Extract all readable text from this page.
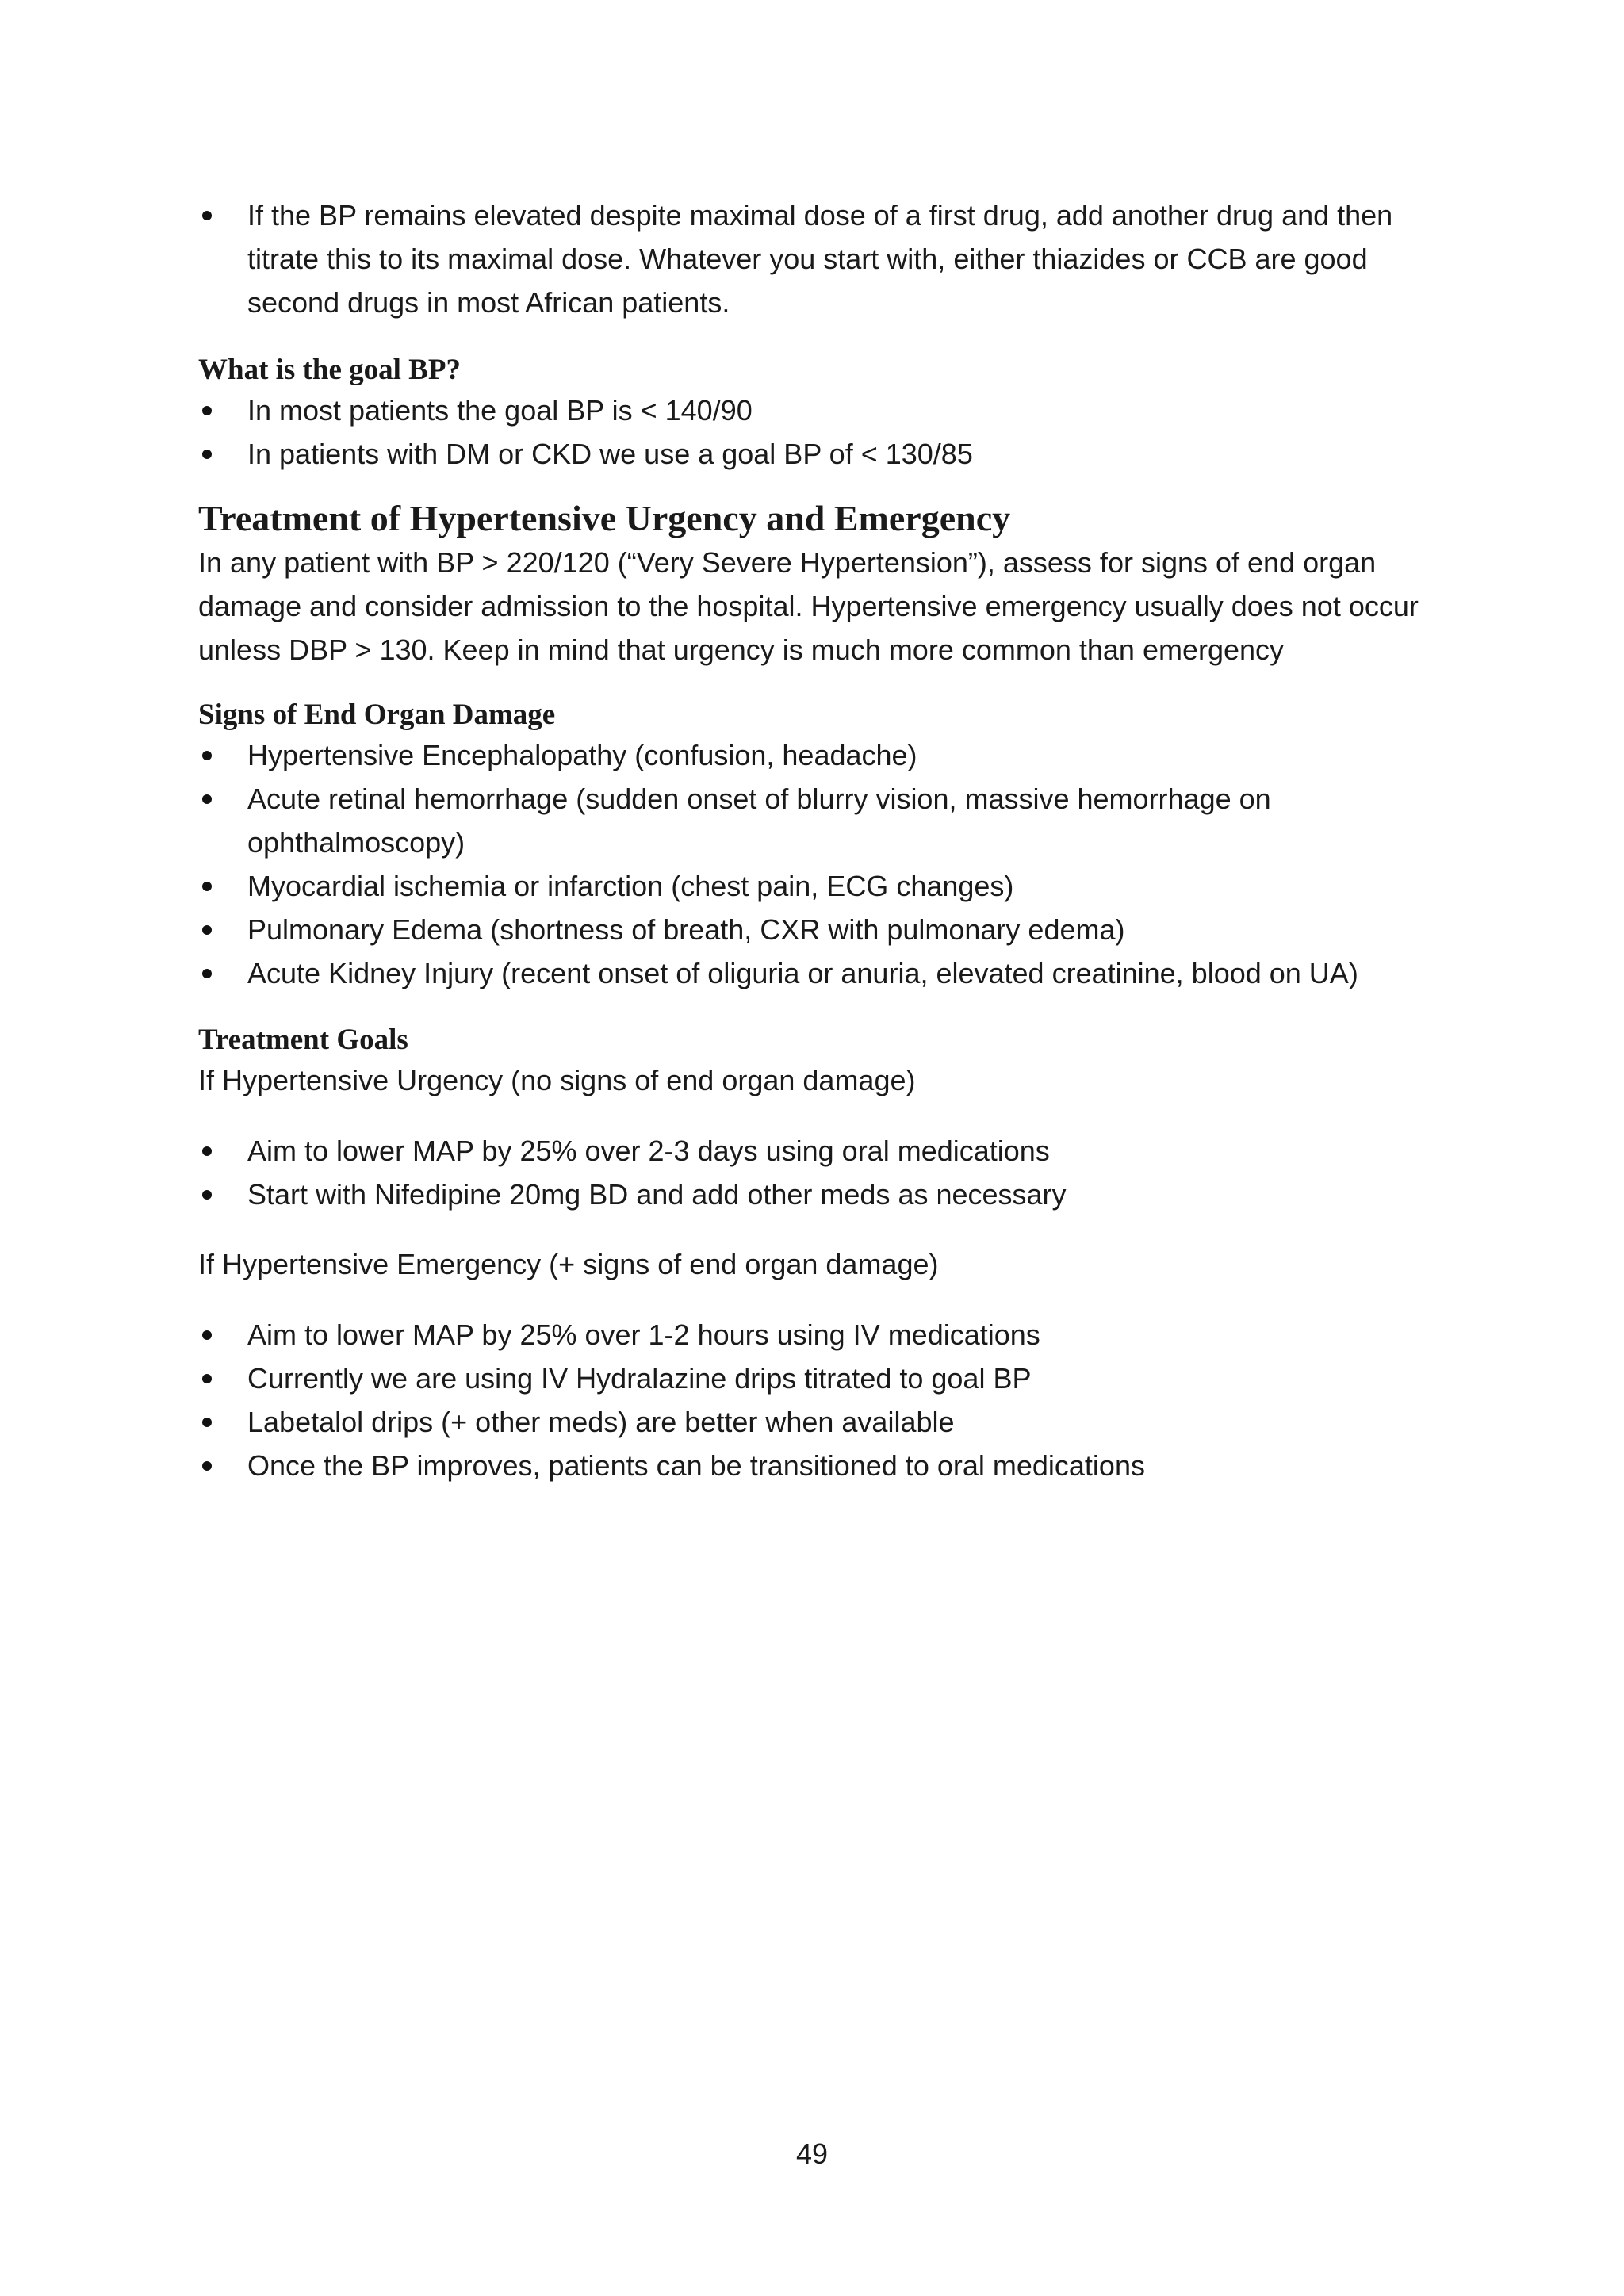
If the BP remains elevated despite maximal dose of a first drug, add another drug and then titrate this to its maximal dose. Whatever you start with, either thiazides or CCB are good second drugs in most African patients.
What is the goal BP?
In most patients the goal BP is < 140/90
In patients with DM or CKD we use a goal BP of < 130/85
Treatment of Hypertensive Urgency and Emergency

In any patient with BP > 220/120 (“Very Severe Hypertension”), assess for signs of end organ damage and consider admission to the hospital. Hypertensive emergency usually does not occur unless DBP > 130. Keep in mind that urgency is much more common than emergency

Signs of End Organ Damage
Hypertensive Encephalopathy (confusion, headache)
Acute retinal hemorrhage (sudden onset of blurry vision, massive hemorrhage on ophthalmoscopy)
Myocardial ischemia or infarction (chest pain, ECG changes)
Pulmonary Edema (shortness of breath, CXR with pulmonary edema)
Acute Kidney Injury (recent onset of oliguria or anuria, elevated creatinine, blood on UA)
Treatment Goals

If Hypertensive Urgency (no signs of end organ damage)

Aim to lower MAP by 25% over 2-3 days using oral medications
Start with Nifedipine 20mg BD and add other meds as necessary

If Hypertensive Emergency (+ signs of end organ damage)

Aim to lower MAP by 25% over 1-2 hours using IV medications
Currently we are using IV Hydralazine drips titrated to goal BP
Labetalol drips (+ other meds) are better when available
Once the BP improves, patients can be transitioned to oral medications
49
